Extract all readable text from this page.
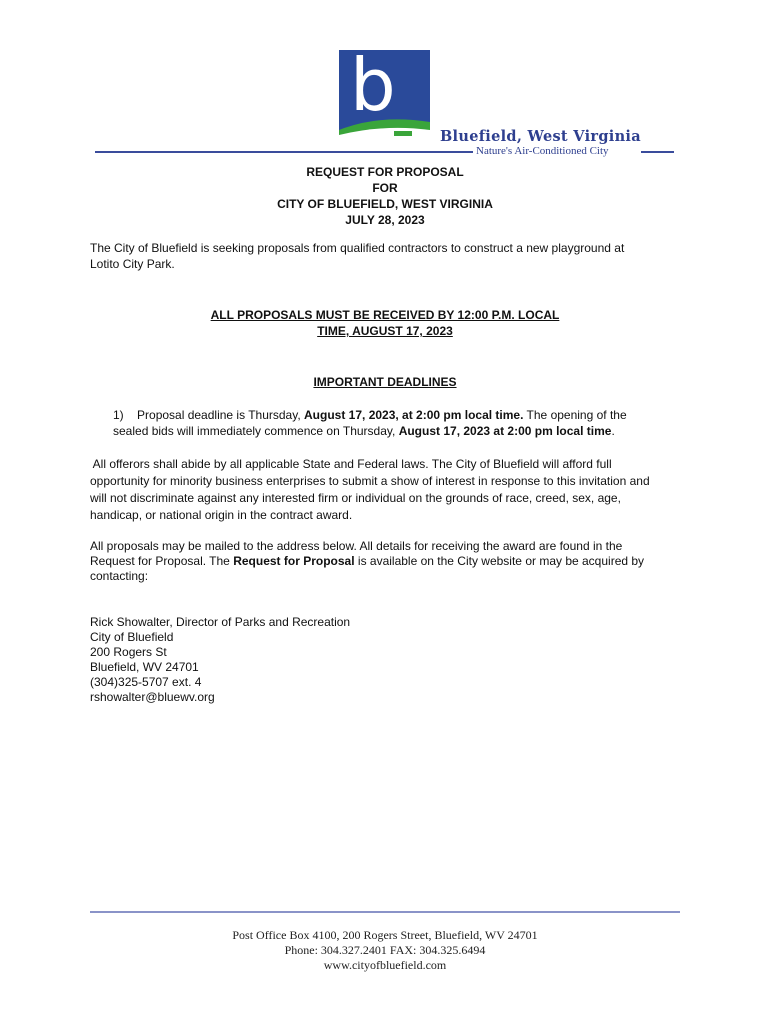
b
Bluefield, West Virginia
Nature's Air-Conditioned City
REQUEST FOR PROPOSAL
FOR
CITY OF BLUEFIELD, WEST VIRGINIA
JULY 28, 2023
The City of Bluefield is seeking proposals from qualified contractors to construct a new playground at
Lotito City Park.
ALL PROPOSALS MUST BE RECEIVED BY 12:00 P.M. LOCAL
TIME, AUGUST 17, 2023
IMPORTANT DEADLINES
1) Proposal deadline is Thursday, August 17, 2023, at 2:00 pm local time. The opening of the
sealed bids will immediately commence on Thursday, August 17, 2023 at 2:00 pm local time.
All offerors shall abide by all applicable State and Federal laws. The City of Bluefield will afford full
opportunity for minority business enterprises to submit a show of interest in response to this invitation and
will not discriminate against any interested firm or individual on the grounds of race, creed, sex, age,
handicap, or national origin in the contract award.
All proposals may be mailed to the address below. All details for receiving the award are found in the
Request for Proposal. The Request for Proposal is available on the City website or may be acquired by
contacting:
Rick Showalter, Director of Parks and Recreation
City of Bluefield
200 Rogers St
Bluefield, WV 24701
(304)325-5707 ext. 4
rshowalter@bluewv.org
Post Office Box 4100, 200 Rogers Street, Bluefield, WV 24701
Phone: 304.327.2401 FAX: 304.325.6494
www.cityofbluefield.com
